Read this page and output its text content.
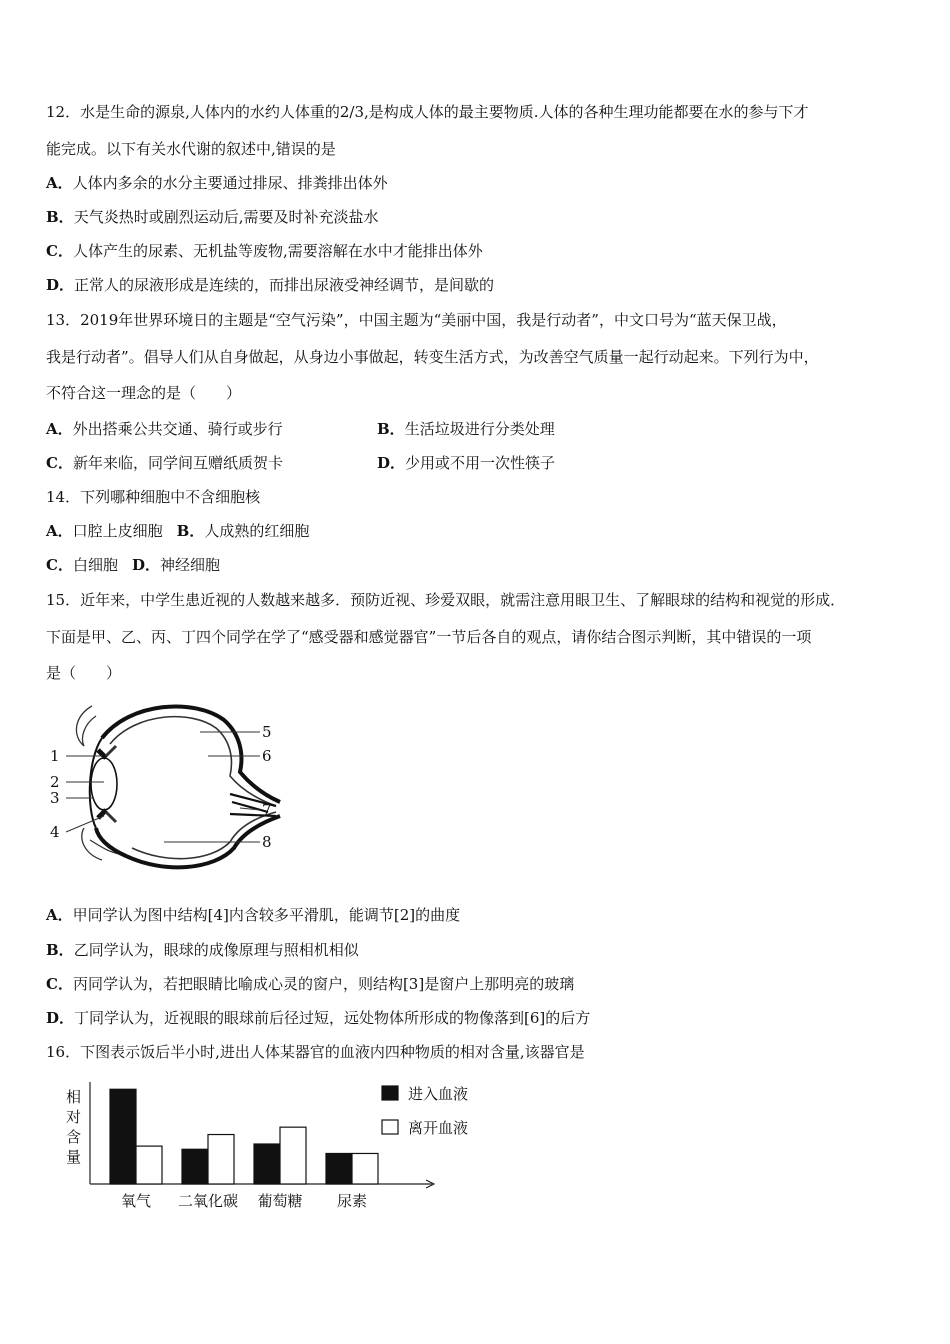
12．水是生命的源泉,人体内的水约人体重的2/3,是构成人体的最主要物质.人体的各种生理功能都要在水的参与下才
能完成。以下有关水代谢的叙述中,错误的是
A．人体内多余的水分主要通过排尿、排粪排出体外
B．天气炎热时或剧烈运动后,需要及时补充淡盐水
C．人体产生的尿素、无机盐等废物,需要溶解在水中才能排出体外
D．正常人的尿液形成是连续的，而排出尿液受神经调节，是间歇的
13．2019年世界环境日的主题是“空气污染”，中国主题为“美丽中国，我是行动者”，中文口号为“蓝天保卫战，
我是行动者”。倡导人们从自身做起，从身边小事做起，转变生活方式，为改善空气质量一起行动起来。下列行为中，
不符合这一理念的是（　　）
A．外出搭乘公共交通、骑行或步行	B．生活垃圾进行分类处理
C．新年来临，同学间互赠纸质贺卡	D．少用或不用一次性筷子
14．下列哪种细胞中不含细胞核
A．口腔上皮细胞 B．人成熟的红细胞
C．白细胞 D．神经细胞
15．近年来，中学生患近视的人数越来越多．预防近视、珍爱双眼，就需注意用眼卫生、了解眼球的结构和视觉的形成．
下面是甲、乙、丙、丁四个同学在学了“感受器和感觉器官”一节后各自的观点，请你结合图示判断，其中错误的一项
是（　　）
1
2
3
4
5
6
7
8
A．甲同学认为图中结构[4]内含较多平滑肌，能调节[2]的曲度
B．乙同学认为，眼球的成像原理与照相机相似
C．丙同学认为，若把眼睛比喻成心灵的窗户，则结构[3]是窗户上那明亮的玻璃
D．丁同学认为，近视眼的眼球前后径过短，远处物体所形成的物像落到[6]的后方
16．下图表示饭后半小时,进出人体某器官的血液内四种物质的相对含量,该器官是
相
对
含
量
氧气 二氧化碳 葡萄糖 尿素
进入血液
离开血液
